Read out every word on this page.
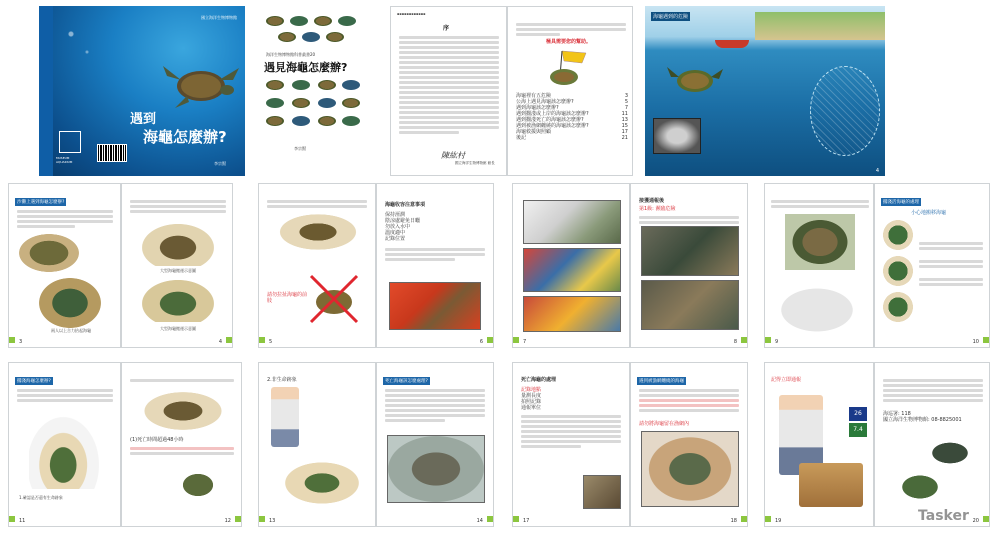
國立海洋生物博物館
遇到
海龜怎麼辦?
李宗賢
MUSEUM AQUARIUM
海洋生物博物館科普叢書20
遇見海龜怎麼辦?
李宗賢
▪▪▪▪▪▪▪▪▪▪▪▪
序
陳紘村
國立海洋生物博物館 館長
極具需要您的幫助。
海龜裡有五危險	3
公海上遇見海龜該怎麼辦?	5
遇到海龜該怎麼辦?	7
遇到擱淺或上岸的海龜該怎麼辦?	11
遇到擱淺死亡的海龜該怎麼辦?	13
遇到被漁網纏繞的海龜該怎麼辦?	15
海龜救援與照顧	17
後記	21
海龜遇到的危險
4
沙灘上遇到海龜怎麼辦?
兩人以上合力抬起海龜
3
大型海龜搬運示意圖
大型海龜搬運示意圖
4
請勿拉扯海龜的前肢
5
海龜收容注意事項
保持溼潤
陰涼處避免日曬
勿放入水中
溫度適中
記錄位置
6	7
接獲通報後
第1級: 瀕臨危險
8	9
擱淺活海龜的處理
小心地搬移海龜
10
擱淺海龜怎麼辦?
1.確認是否還有生命跡象
11
(1)死亡時間超過48小時
12
2.非生命跡象
13
死亡海龜該怎麼處理?
14
死亡海龜的處理
記錄地點
量測長度
拍照記錄
通報單位
17
遇到被漁網纏繞的海龜
請勿將海龜留在漁網內
18
記得立即通報
26
7.4
19
海巡署: 118
國立海洋生物博物館: 08-8825001
20
Tasker
